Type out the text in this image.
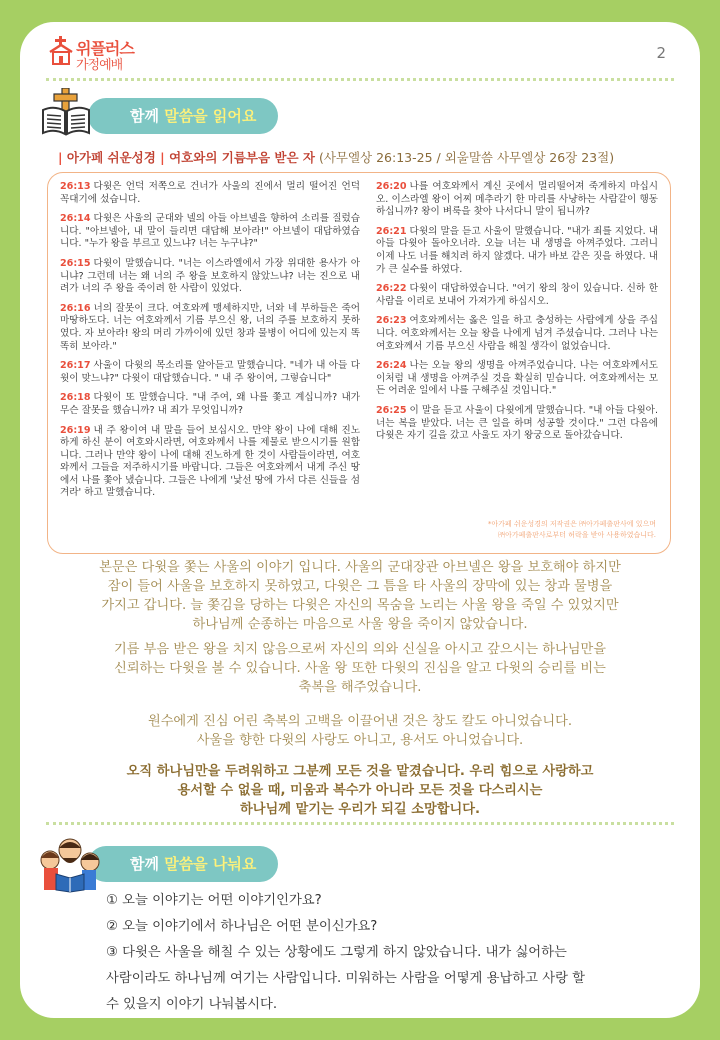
위플러스
가정예배
2
함께 말씀을 읽어요
| 아가페 쉬운성경 | 여호와의 기름부음 받은 자 (사무엘상 26:13-25 / 외울말씀 사무엘상 26장 23절)

26:13 다윗은 언덕 저쪽으로 건너가 사울의 진에서 멀리 떨어진 언덕 꼭대기에 섰습니다.

26:14 다윗은 사울의 군대와 넬의 아들 아브넬을 향하여 소리를 질렀습니다. "아브넬아, 내 말이 들리면 대답해 보아라!" 아브넬이 대답하였습니다. "누가 왕을 부르고 있느냐? 너는 누구냐?"

26:15 다윗이 말했습니다. "너는 이스라엘에서 가장 위대한 용사가 아니냐? 그런데 너는 왜 너의 주 왕을 보호하지 않았느냐? 너는 진으로 내려가 너의 주 왕을 죽이려 한 사람이 있었다.

26:16 너의 잘못이 크다. 여호와께 맹세하지만, 너와 네 부하들은 죽어 마땅하도다. 너는 여호와께서 기름 부으신 왕, 너의 주를 보호하지 못하였다. 자 보아라! 왕의 머리 가까이에 있던 창과 물병이 어디에 있는지 똑똑히 보아라."

26:17 사울이 다윗의 목소리를 알아듣고 말했습니다. "네가 내 아들 다윗이 맞느냐?" 다윗이 대답했습니다. " 내 주 왕이여, 그렇습니다"

26:18 다윗이 또 말했습니다. "내 주여, 왜 나를 쫓고 계십니까? 내가 무슨 잘못을 했습니까? 내 죄가 무엇입니까?

26:19 내 주 왕이여 내 말을 들어 보십시오. 만약 왕이 나에 대해 진노하게 하신 분이 여호와시라면, 여호와께서 나를 제물로 받으시기를 원합니다. 그러나 만약 왕이 나에 대해 진노하게 한 것이 사람들이라면, 여호와께서 그들을 저주하시기를 바랍니다. 그들은 여호와께서 내게 주신 땅에서 나를 쫓아 냈습니다. 그들은 나에게 '낯선 땅에 가서 다른 신들을 섬겨라' 하고 말했습니다.

26:20 나를 여호와께서 계신 곳에서 멀리떨어져 죽게하지 마십시오. 이스라엘 왕이 어찌 메추라기 한 마리를 사냥하는 사람같이 행동하십니까? 왕이 벼룩을 찾아 나서다니 말이 됩니까?

26:21 다윗의 말을 듣고 사울이 말했습니다. "내가 죄를 지었다. 내 아들 다윗아 돌아오너라. 오늘 너는 내 생명을 아껴주었다. 그러니 이제 나도 너를 해치려 하지 않겠다. 내가 바보 같은 짓을 하였다. 내가 큰 실수를 하였다.

26:22 다윗이 대답하였습니다. "여기 왕의 창이 있습니다. 신하 한 사람을 이리로 보내어 가져가게 하십시오.

26:23 여호와께서는 옳은 일을 하고 충성하는 사람에게 상을 주십니다. 여호와께서는 오늘 왕을 나에게 넘겨 주셨습니다. 그러나 나는 여호와께서 기름 부으신 사람을 해칠 생각이 없었습니다.

26:24 나는 오늘 왕의 생명을 아껴주었습니다. 나는 여호와께서도 이처럼 내 생명을 아껴주실 것을 확실히 믿습니다. 여호와께서는 모든 어려운 일에서 나를 구해주실 것입니다."

26:25 이 말을 듣고 사울이 다윗에게 말했습니다. "내 아들 다윗아. 너는 복을 받았다. 너는 큰 일을 하며 성공할 것이다." 그런 다음에 다윗은 자기 길을 갔고 사울도 자기 왕궁으로 돌아갔습니다.

*아가페 쉬운성경의 저작권은 ㈜아가페출판사에 있으며
㈜아가페출판사로부터 허락을 받아 사용하였습니다.

본문은 다윗을 쫓는 사울의 이야기 입니다. 사울의 군대장관 아브넬은 왕을 보호해야 하지만
잠이 들어 사울을 보호하지 못하였고, 다윗은 그 틈을 타 사울의 장막에 있는 창과 물병을
가지고 갑니다. 늘 쫓김을 당하는 다윗은 자신의 목숨을 노리는 사울 왕을 죽일 수 있었지만
하나님께 순종하는 마음으로 사울 왕을 죽이지 않았습니다.

기름 부음 받은 왕을 치지 않음으로써 자신의 의와 신실을 아시고 갚으시는 하나님만을
신뢰하는 다윗을 볼 수 있습니다. 사울 왕 또한 다윗의 진심을 알고 다윗의 승리를 비는
축복을 해주었습니다.

원수에게 진심 어린 축복의 고백을 이끌어낸 것은 창도 칼도 아니었습니다.
사울을 향한 다윗의 사랑도 아니고, 용서도 아니었습니다.

오직 하나님만을 두려워하고 그분께 모든 것을 맡겼습니다. 우리 힘으로 사랑하고
용서할 수 없을 때, 미움과 복수가 아니라 모든 것을 다스리시는
하나님께 맡기는 우리가 되길 소망합니다.

함께 말씀을 나눠요

① 오늘 이야기는 어떤 이야기인가요?

② 오늘 이야기에서 하나님은 어떤 분이신가요?

③ 다윗은 사울을 해칠 수 있는 상황에도 그렇게 하지 않았습니다. 내가 싫어하는
사람이라도 하나님께 여기는 사람입니다. 미워하는 사람을 어떻게 용납하고 사랑 할
수 있을지 이야기 나눠봅시다.
